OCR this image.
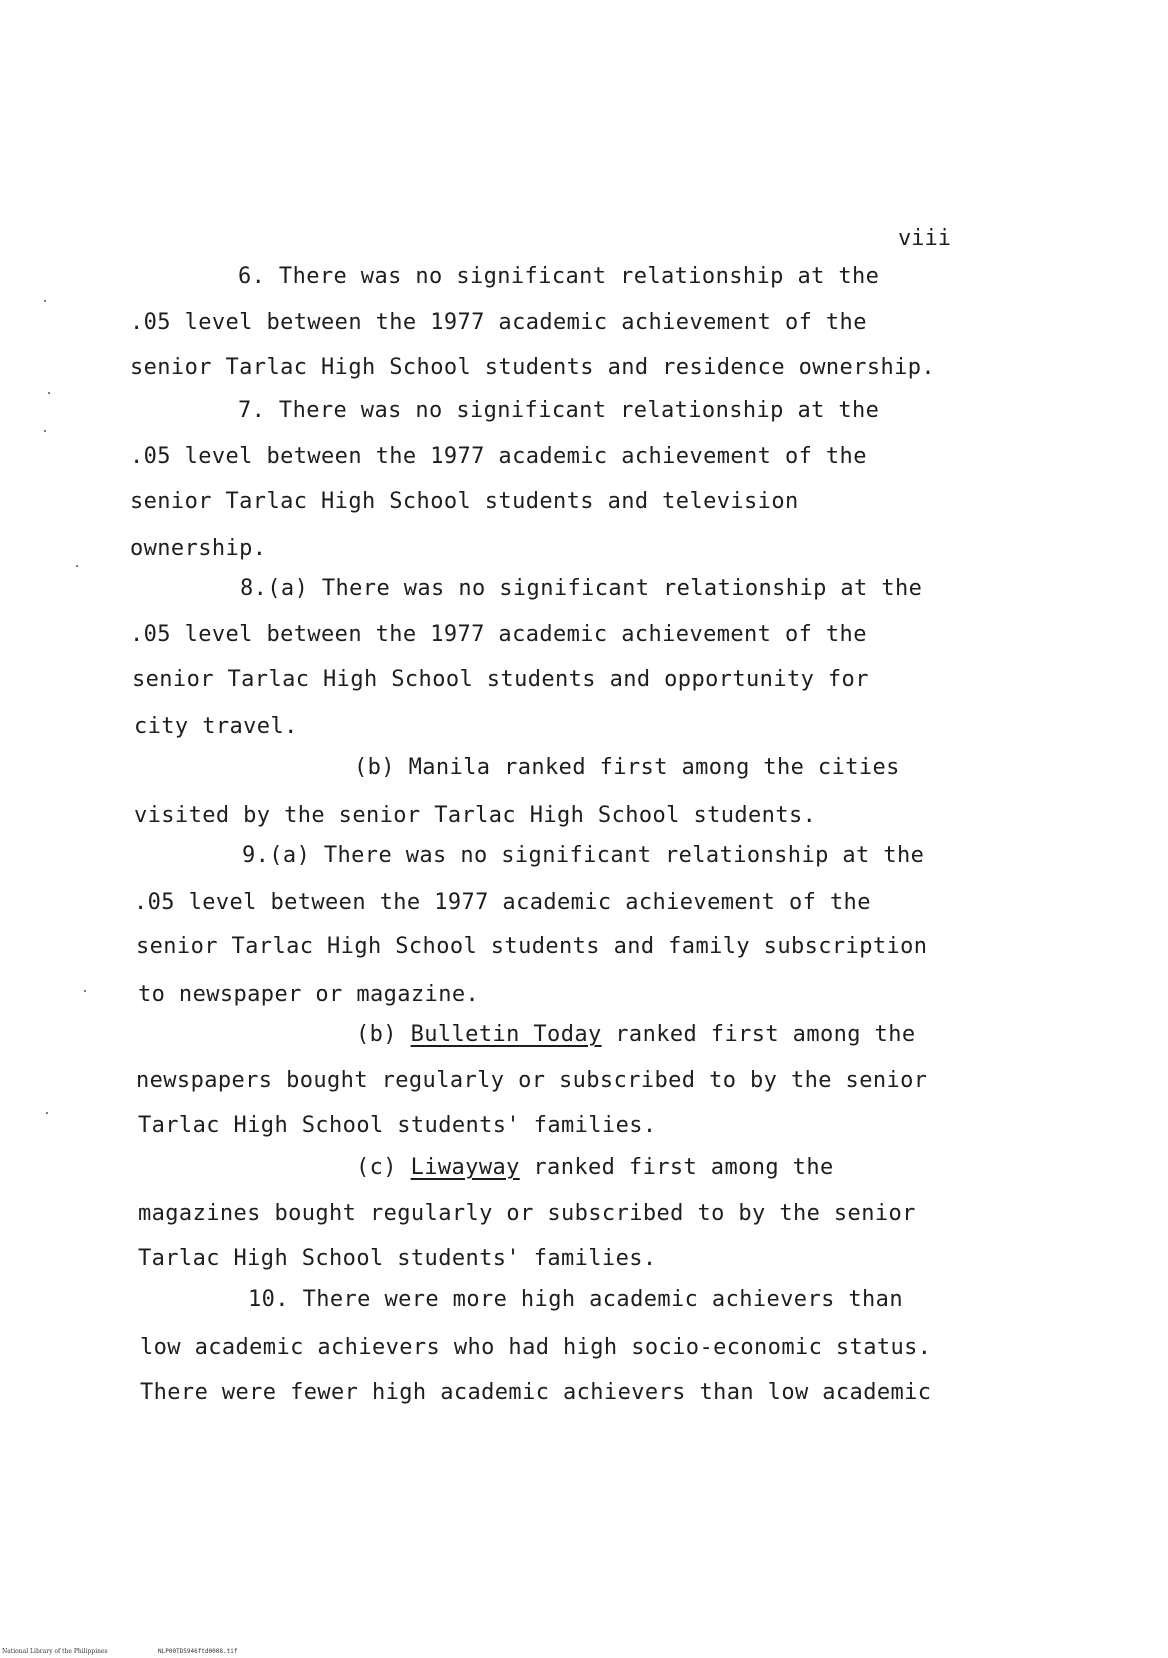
viii
6. There was no significant relationship at the
.05 level between the 1977 academic achievement of the
senior Tarlac High School students and residence ownership.
7. There was no significant relationship at the
.05 level between the 1977 academic achievement of the
senior Tarlac High School students and television
ownership.
8.(a) There was no significant relationship at the
.05 level between the 1977 academic achievement of the
senior Tarlac High School students and opportunity for
city travel.
(b) Manila ranked first among the cities
visited by the senior Tarlac High School students.
9.(a) There was no significant relationship at the
.05 level between the 1977 academic achievement of the
senior Tarlac High School students and family subscription
to newspaper or magazine.
(b) Bulletin Today ranked first among the
newspapers bought regularly or subscribed to by the senior
Tarlac High School students' families.
(c) Liwayway ranked first among the
magazines bought regularly or subscribed to by the senior
Tarlac High School students' families.
10. There were more high academic achievers than
low academic achievers who had high socio-economic status.
There were fewer high academic achievers than low academic
National Library of the Philippines	NLP00TD5946ftd0008.tif
